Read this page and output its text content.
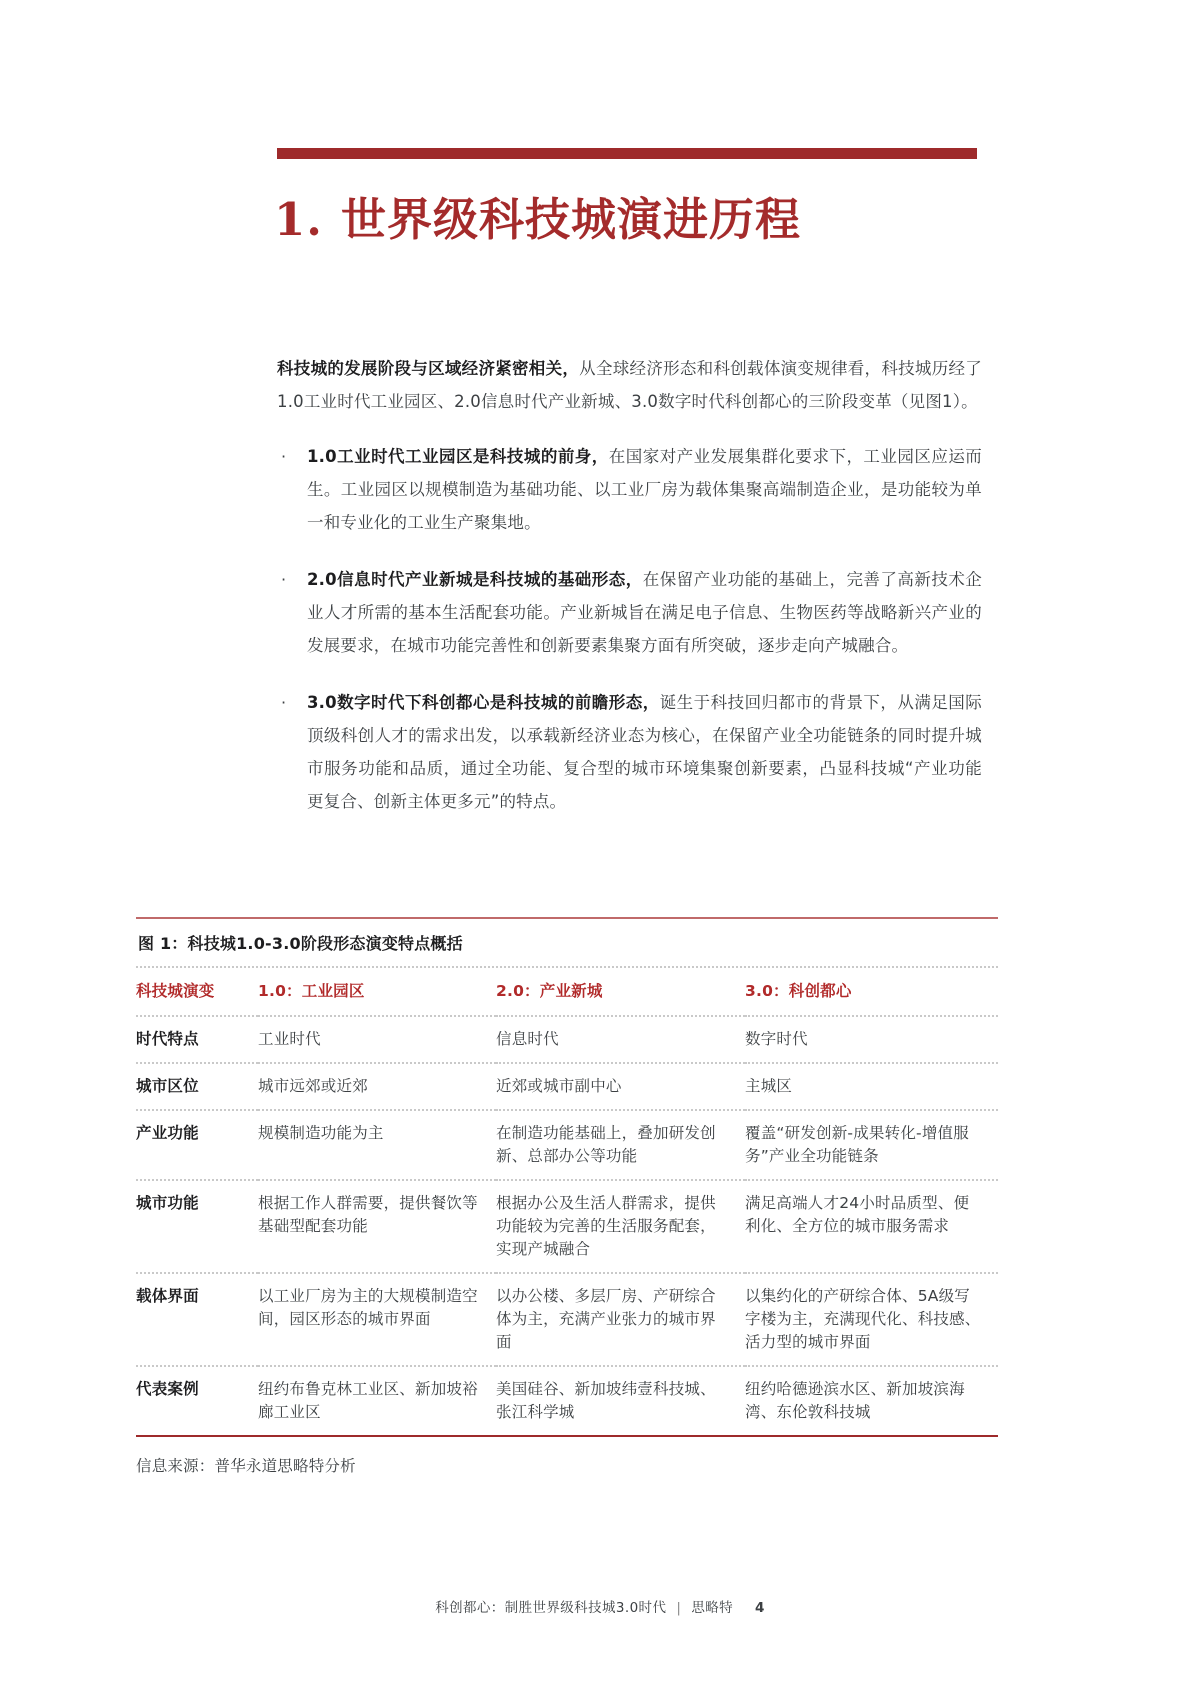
1. 世界级科技城演进历程

科技城的发展阶段与区域经济紧密相关，从全球经济形态和科创载体演变规律看，科技城历经了1.0工业时代工业园区、2.0信息时代产业新城、3.0数字时代科创都心的三阶段变革（见图1）。

· 1.0工业时代工业园区是科技城的前身，在国家对产业发展集群化要求下，工业园区应运而生。工业园区以规模制造为基础功能、以工业厂房为载体集聚高端制造企业，是功能较为单一和专业化的工业生产聚集地。
· 2.0信息时代产业新城是科技城的基础形态，在保留产业功能的基础上，完善了高新技术企业人才所需的基本生活配套功能。产业新城旨在满足电子信息、生物医药等战略新兴产业的发展要求，在城市功能完善性和创新要素集聚方面有所突破，逐步走向产城融合。
· 3.0数字时代下科创都心是科技城的前瞻形态，诞生于科技回归都市的背景下，从满足国际顶级科创人才的需求出发，以承载新经济业态为核心，在保留产业全功能链条的同时提升城市服务功能和品质，通过全功能、复合型的城市环境集聚创新要素，凸显科技城“产业功能更复合、创新主体更多元”的特点。
图 1：科技城1.0-3.0阶段形态演变特点概括
科技城演变	1.0：工业园区	2.0：产业新城	3.0：科创都心
时代特点	工业时代	信息时代	数字时代
城市区位	城市远郊或近郊	近郊或城市副中心	主城区
产业功能	规模制造功能为主	在制造功能基础上，叠加研发创新、总部办公等功能	覆盖“研发创新-成果转化-增值服务”产业全功能链条
城市功能	根据工作人群需要，提供餐饮等基础型配套功能	根据办公及生活人群需求，提供功能较为完善的生活服务配套，实现产城融合	满足高端人才24小时品质型、便利化、全方位的城市服务需求
载体界面	以工业厂房为主的大规模制造空间，园区形态的城市界面	以办公楼、多层厂房、产研综合体为主，充满产业张力的城市界面	以集约化的产研综合体、5A级写字楼为主，充满现代化、科技感、活力型的城市界面
代表案例	纽约布鲁克林工业区、新加坡裕廊工业区	美国硅谷、新加坡纬壹科技城、张江科学城	纽约哈德逊滨水区、新加坡滨海湾、东伦敦科技城
信息来源：普华永道思略特分析
科创都心：制胜世界级科技城3.0时代 | 思略特 4
